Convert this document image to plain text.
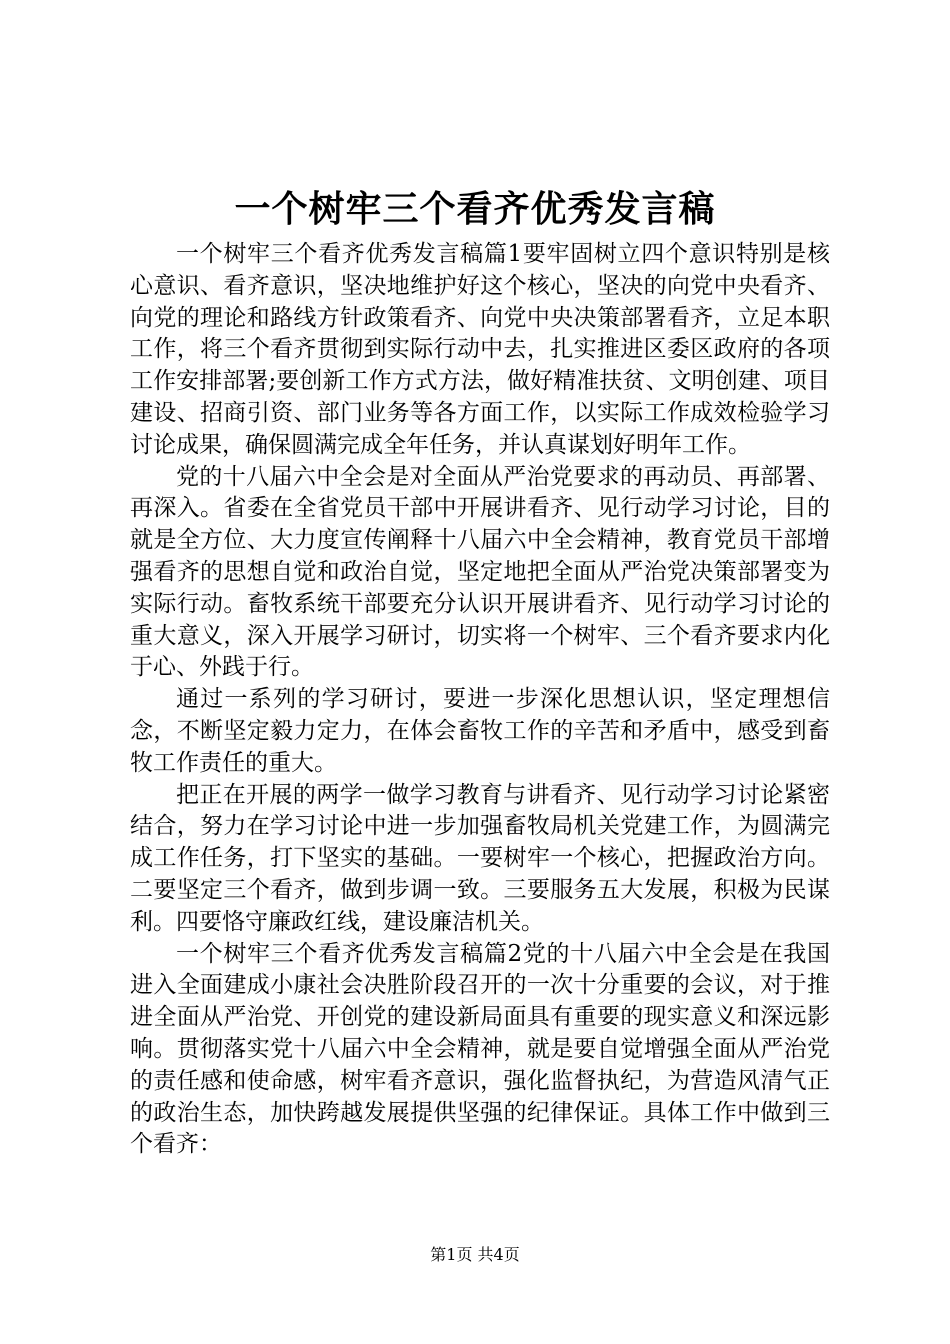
一个树牢三个看齐优秀发言稿

一个树牢三个看齐优秀发言稿篇1要牢固树立四个意识特别是核心意识、看齐意识，坚决地维护好这个核心，坚决的向党中央看齐、向党的理论和路线方针政策看齐、向党中央决策部署看齐，立足本职工作，将三个看齐贯彻到实际行动中去，扎实推进区委区政府的各项工作安排部署;要创新工作方式方法，做好精准扶贫、文明创建、项目建设、招商引资、部门业务等各方面工作，以实际工作成效检验学习讨论成果，确保圆满完成全年任务，并认真谋划好明年工作。

党的十八届六中全会是对全面从严治党要求的再动员、再部署、再深入。省委在全省党员干部中开展讲看齐、见行动学习讨论，目的就是全方位、大力度宣传阐释十八届六中全会精神，教育党员干部增强看齐的思想自觉和政治自觉，坚定地把全面从严治党决策部署变为实际行动。畜牧系统干部要充分认识开展讲看齐、见行动学习讨论的重大意义，深入开展学习研讨，切实将一个树牢、三个看齐要求内化于心、外践于行。

通过一系列的学习研讨，要进一步深化思想认识，坚定理想信念，不断坚定毅力定力，在体会畜牧工作的辛苦和矛盾中，感受到畜牧工作责任的重大。

把正在开展的两学一做学习教育与讲看齐、见行动学习讨论紧密结合，努力在学习讨论中进一步加强畜牧局机关党建工作，为圆满完成工作任务，打下坚实的基础。一要树牢一个核心，把握政治方向。二要坚定三个看齐，做到步调一致。三要服务五大发展，积极为民谋利。四要恪守廉政红线，建设廉洁机关。

一个树牢三个看齐优秀发言稿篇2党的十八届六中全会是在我国进入全面建成小康社会决胜阶段召开的一次十分重要的会议，对于推进全面从严治党、开创党的建设新局面具有重要的现实意义和深远影响。贯彻落实党十八届六中全会精神，就是要自觉增强全面从严治党的责任感和使命感，树牢看齐意识，强化监督执纪，为营造风清气正的政治生态，加快跨越发展提供坚强的纪律保证。具体工作中做到三个看齐：

第1页 共4页
